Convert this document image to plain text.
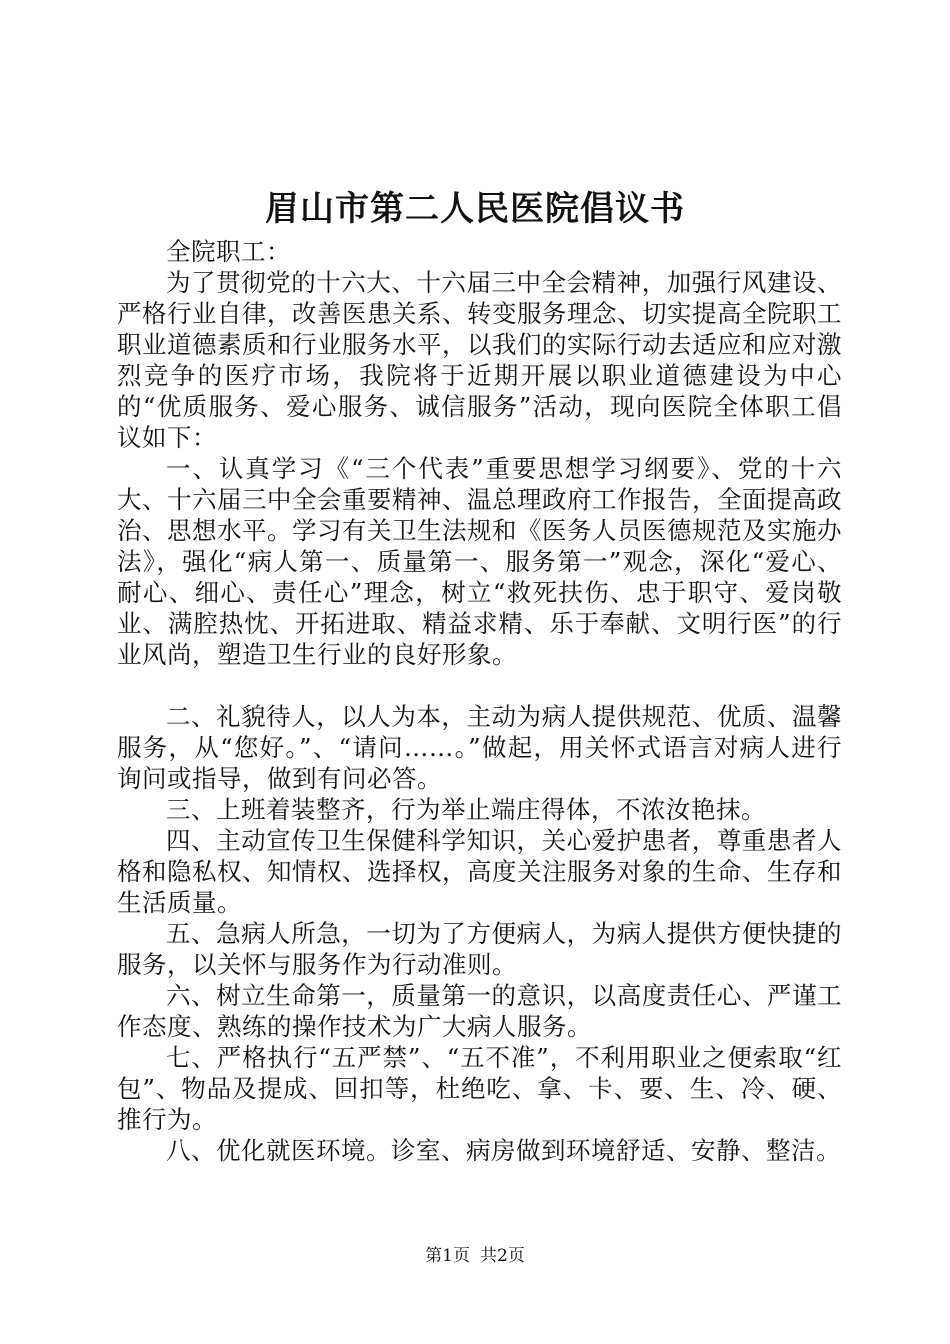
眉山市第二人民医院倡议书

全院职工：

为了贯彻党的十六大、十六届三中全会精神，加强行风建设、严格行业自律，改善医患关系、转变服务理念、切实提高全院职工职业道德素质和行业服务水平，以我们的实际行动去适应和应对激烈竞争的医疗市场，我院将于近期开展以职业道德建设为中心的“优质服务、爱心服务、诚信服务”活动，现向医院全体职工倡议如下：

一、认真学习《“三个代表”重要思想学习纲要》、党的十六大、十六届三中全会重要精神、温总理政府工作报告，全面提高政治、思想水平。学习有关卫生法规和《医务人员医德规范及实施办法》，强化“病人第一、质量第一、服务第一”观念，深化“爱心、耐心、细心、责任心”理念，树立“救死扶伤、忠于职守、爱岗敬业、满腔热忱、开拓进取、精益求精、乐于奉献、文明行医”的行业风尚，塑造卫生行业的良好形象。

二、礼貌待人，以人为本，主动为病人提供规范、优质、温馨服务，从“您好。”、“请问……。”做起，用关怀式语言对病人进行询问或指导，做到有问必答。

三、上班着装整齐，行为举止端庄得体，不浓汝艳抹。

四、主动宣传卫生保健科学知识，关心爱护患者，尊重患者人格和隐私权、知情权、选择权，高度关注服务对象的生命、生存和生活质量。

五、急病人所急，一切为了方便病人，为病人提供方便快捷的服务，以关怀与服务作为行动准则。

六、树立生命第一，质量第一的意识，以高度责任心、严谨工作态度、熟练的操作技术为广大病人服务。

七、严格执行“五严禁”、“五不准”，不利用职业之便索取“红包”、物品及提成、回扣等，杜绝吃、拿、卡、要、生、冷、硬、推行为。

八、优化就医环境。诊室、病房做到环境舒适、安静、整洁。

第1页 共2页
